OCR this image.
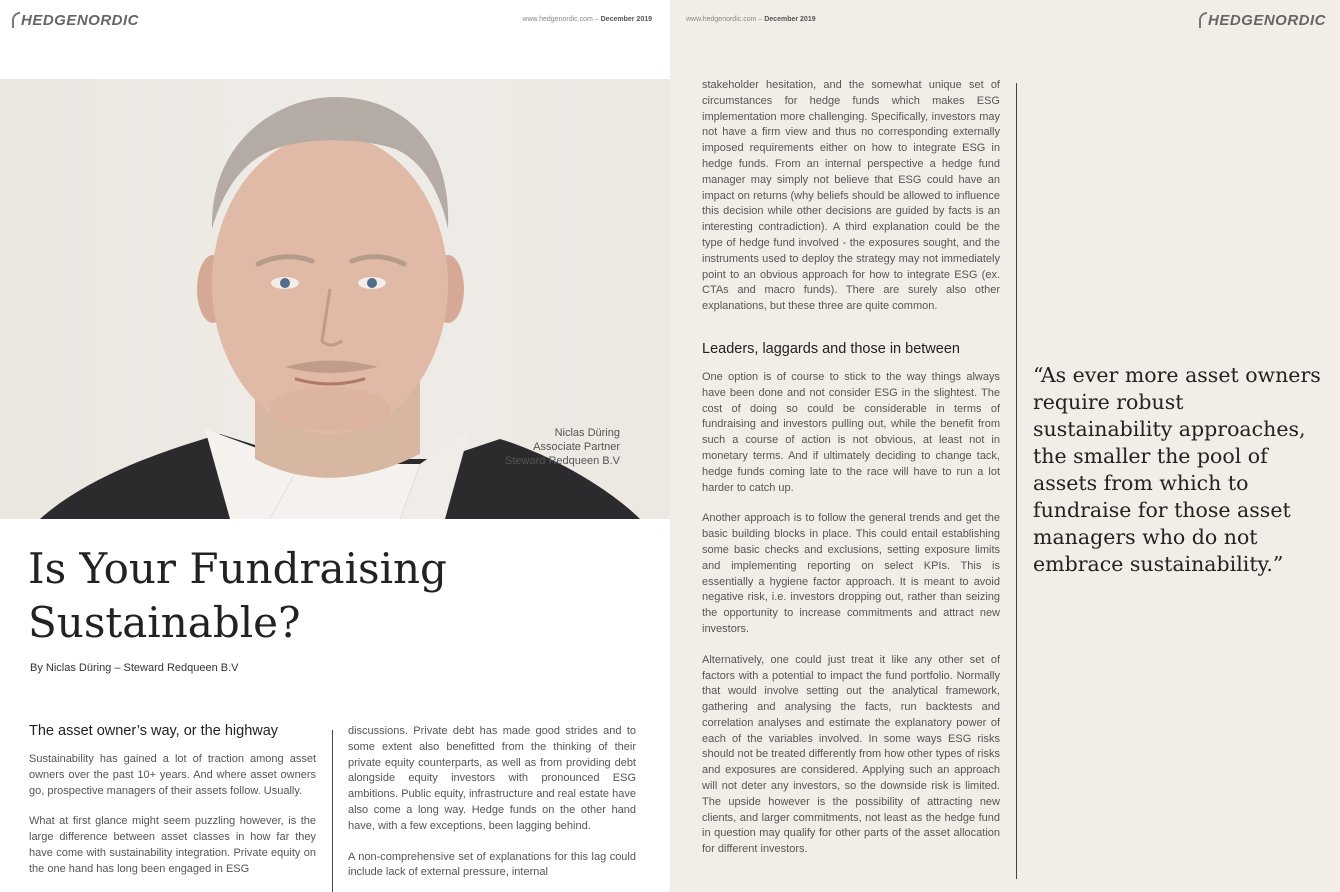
HEDGENORDIC	www.hedgenordic.com – December 2019
Niclas Düring
Associate Partner
Steward Redqueen B.V
Is Your Fundraising
Sustainable?
By Niclas Düring – Steward Redqueen B.V
The asset owner’s way, or the highway

Sustainability has gained a lot of traction among asset owners over the past 10+ years. And where asset owners go, prospective managers of their assets follow. Usually.

What at first glance might seem puzzling however, is the large difference between asset classes in how far they have come with sustainability integration. Private equity on the one hand has long been engaged in ESG

discussions. Private debt has made good strides and to some extent also benefitted from the thinking of their private equity counterparts, as well as from providing debt alongside equity investors with pronounced ESG ambitions. Public equity, infrastructure and real estate have also come a long way. Hedge funds on the other hand have, with a few exceptions, been lagging behind.

A non-comprehensive set of explanations for this lag could include lack of external pressure, internal

www.hedgenordic.com – December 2019	HEDGENORDIC

stakeholder hesitation, and the somewhat unique set of circumstances for hedge funds which makes ESG implementation more challenging. Specifically, investors may not have a firm view and thus no corresponding externally imposed requirements either on how to integrate ESG in hedge funds. From an internal perspective a hedge fund manager may simply not believe that ESG could have an impact on returns (why beliefs should be allowed to influence this decision while other decisions are guided by facts is an interesting contradiction). A third explanation could be the type of hedge fund involved - the exposures sought, and the instruments used to deploy the strategy may not immediately point to an obvious approach for how to integrate ESG (ex. CTAs and macro funds). There are surely also other explanations, but these three are quite common.

Leaders, laggards and those in between

One option is of course to stick to the way things always have been done and not consider ESG in the slightest. The cost of doing so could be considerable in terms of fundraising and investors pulling out, while the benefit from such a course of action is not obvious, at least not in monetary terms. And if ultimately deciding to change tack, hedge funds coming late to the race will have to run a lot harder to catch up.

Another approach is to follow the general trends and get the basic building blocks in place. This could entail establishing some basic checks and exclusions, setting exposure limits and implementing reporting on select KPIs. This is essentially a hygiene factor approach. It is meant to avoid negative risk, i.e. investors dropping out, rather than seizing the opportunity to increase commitments and attract new investors.

Alternatively, one could just treat it like any other set of factors with a potential to impact the fund portfolio. Normally that would involve setting out the analytical framework, gathering and analysing the facts, run backtests and correlation analyses and estimate the explanatory power of each of the variables involved. In some ways ESG risks should not be treated differently from how other types of risks and exposures are considered. Applying such an approach will not deter any investors, so the downside risk is limited. The upside however is the possibility of attracting new clients, and larger commitments, not least as the hedge fund in question may qualify for other parts of the asset allocation for different investors.

“As ever more asset owners require robust sustainability approaches, the smaller the pool of assets from which to fundraise for those asset managers who do not embrace sustainability.”
